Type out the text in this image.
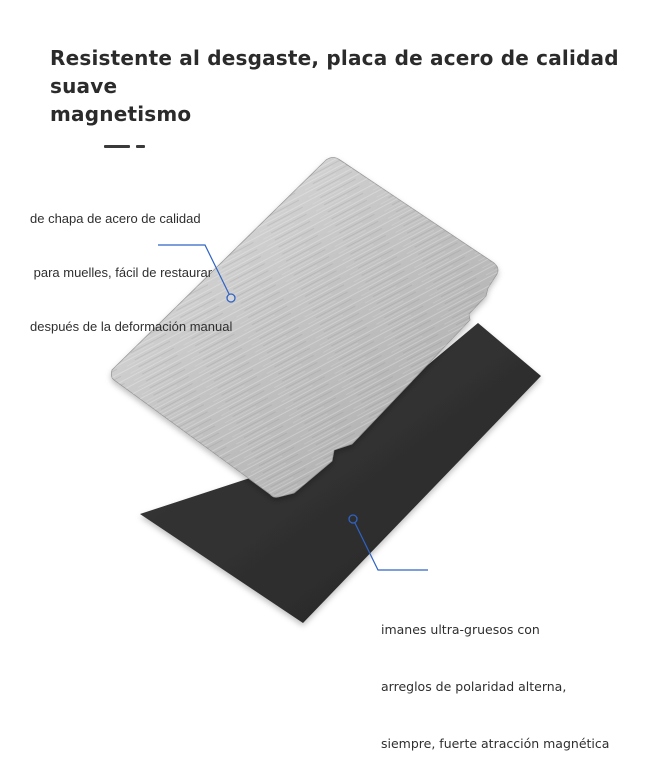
Resistente al desgaste, placa de acero de calidad suave
magnetismo

de chapa de acero de calidad

para muelles, fácil de restaurar

después de la deformación manual

imanes ultra-gruesos con

arreglos de polaridad alterna,

siempre, fuerte atracción magnética
